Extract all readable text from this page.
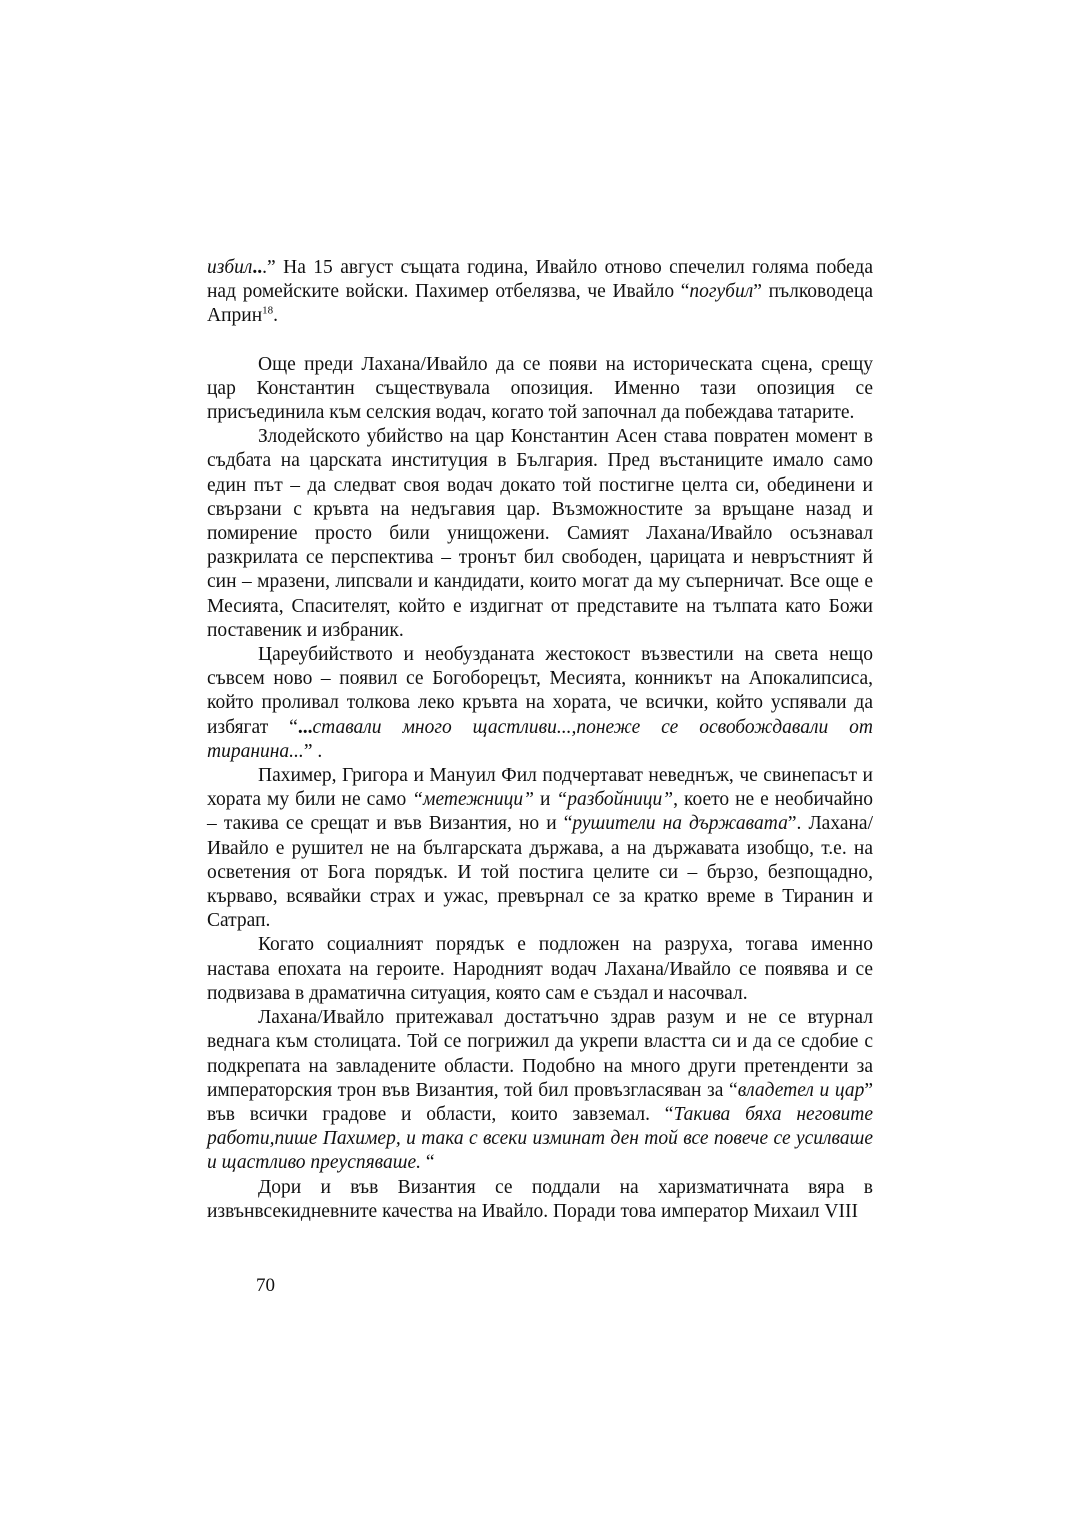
избил...” На 15 август същата година, Ивайло отново спечелил голяма победа над ромейските войски. Пахимер отбелязва, че Ивайло “погубил” пълководеца Априн$^{18}$.

Още преди Лахана/Ивайло да се появи на историческата сцена, срещу цар Константин съществувала опозиция. Именно тази опозиция се присъединила към селския водач, когато той започнал да побеждава татарите.

Злодейското убийство на цар Константин Асен става повратен момент в съдбата на царската институция в България. Пред въстаниците имало само един път – да следват своя водач докато той постигне целта си, обединени и свързани с кръвта на недъгавия цар. Възможностите за връщане назад и помирение просто били унищожени. Самият Лахана/Ивайло осъзнавал разкрилата се перспектива – тронът бил свободен, царицата и невръстният й син – мразени, липсвали и кандидати, които могат да му съперничат. Все още е Месията, Спасителят, който е издигнат от представите на тълпата като Божи поставеник и избраник.

Цареубийството и необузданата жестокост възвестили на света нещо съвсем ново – появил се Богоборецът, Месията, конникът на Апокалипсиса, който проливал толкова леко кръвта на хората, че всички, който успявали да избягат “...ставали много щастливи...,понеже се освобождавали от тиранина...” .

Пахимер, Григора и Мануил Фил подчертават неведнъж, че свинепасът и хората му били не само “метежници” и “разбойници”, което не е необичайно – такива се срещат и във Византия, но и “рушители на държавата”. Лахана/Ивайло е рушител не на българската държава, а на държавата изобщо, т.е. на осветения от Бога порядък. И той постига целите си – бързо, безпощадно, кърваво, всявайки страх и ужас, превърнал се за кратко време в Тиранин и Сатрап.

Когато социалният порядък е подложен на разруха, тогава именно настава епохата на героите. Народният водач Лахана/Ивайло се появява и се подвизава в драматична ситуация, която сам е създал и насочвал.

Лахана/Ивайло притежавал достатъчно здрав разум и не се втурнал веднага към столицата. Той се погрижил да укрепи властта си и да се сдобие с подкрепата на завладените области. Подобно на много други претенденти за императорския трон във Византия, той бил провъзгласяван за “владетел и цар” във всички градове и области, които завземал. “Такива бяха неговите работи,пише Пахимер, и така с всеки изминат ден той все повече се усилваше и щастливо преуспяваше. “

Дори и във Византия се поддали на харизматичната вяра в извънвсекидневните качества на Ивайло. Поради това император Михаил VIII

70
